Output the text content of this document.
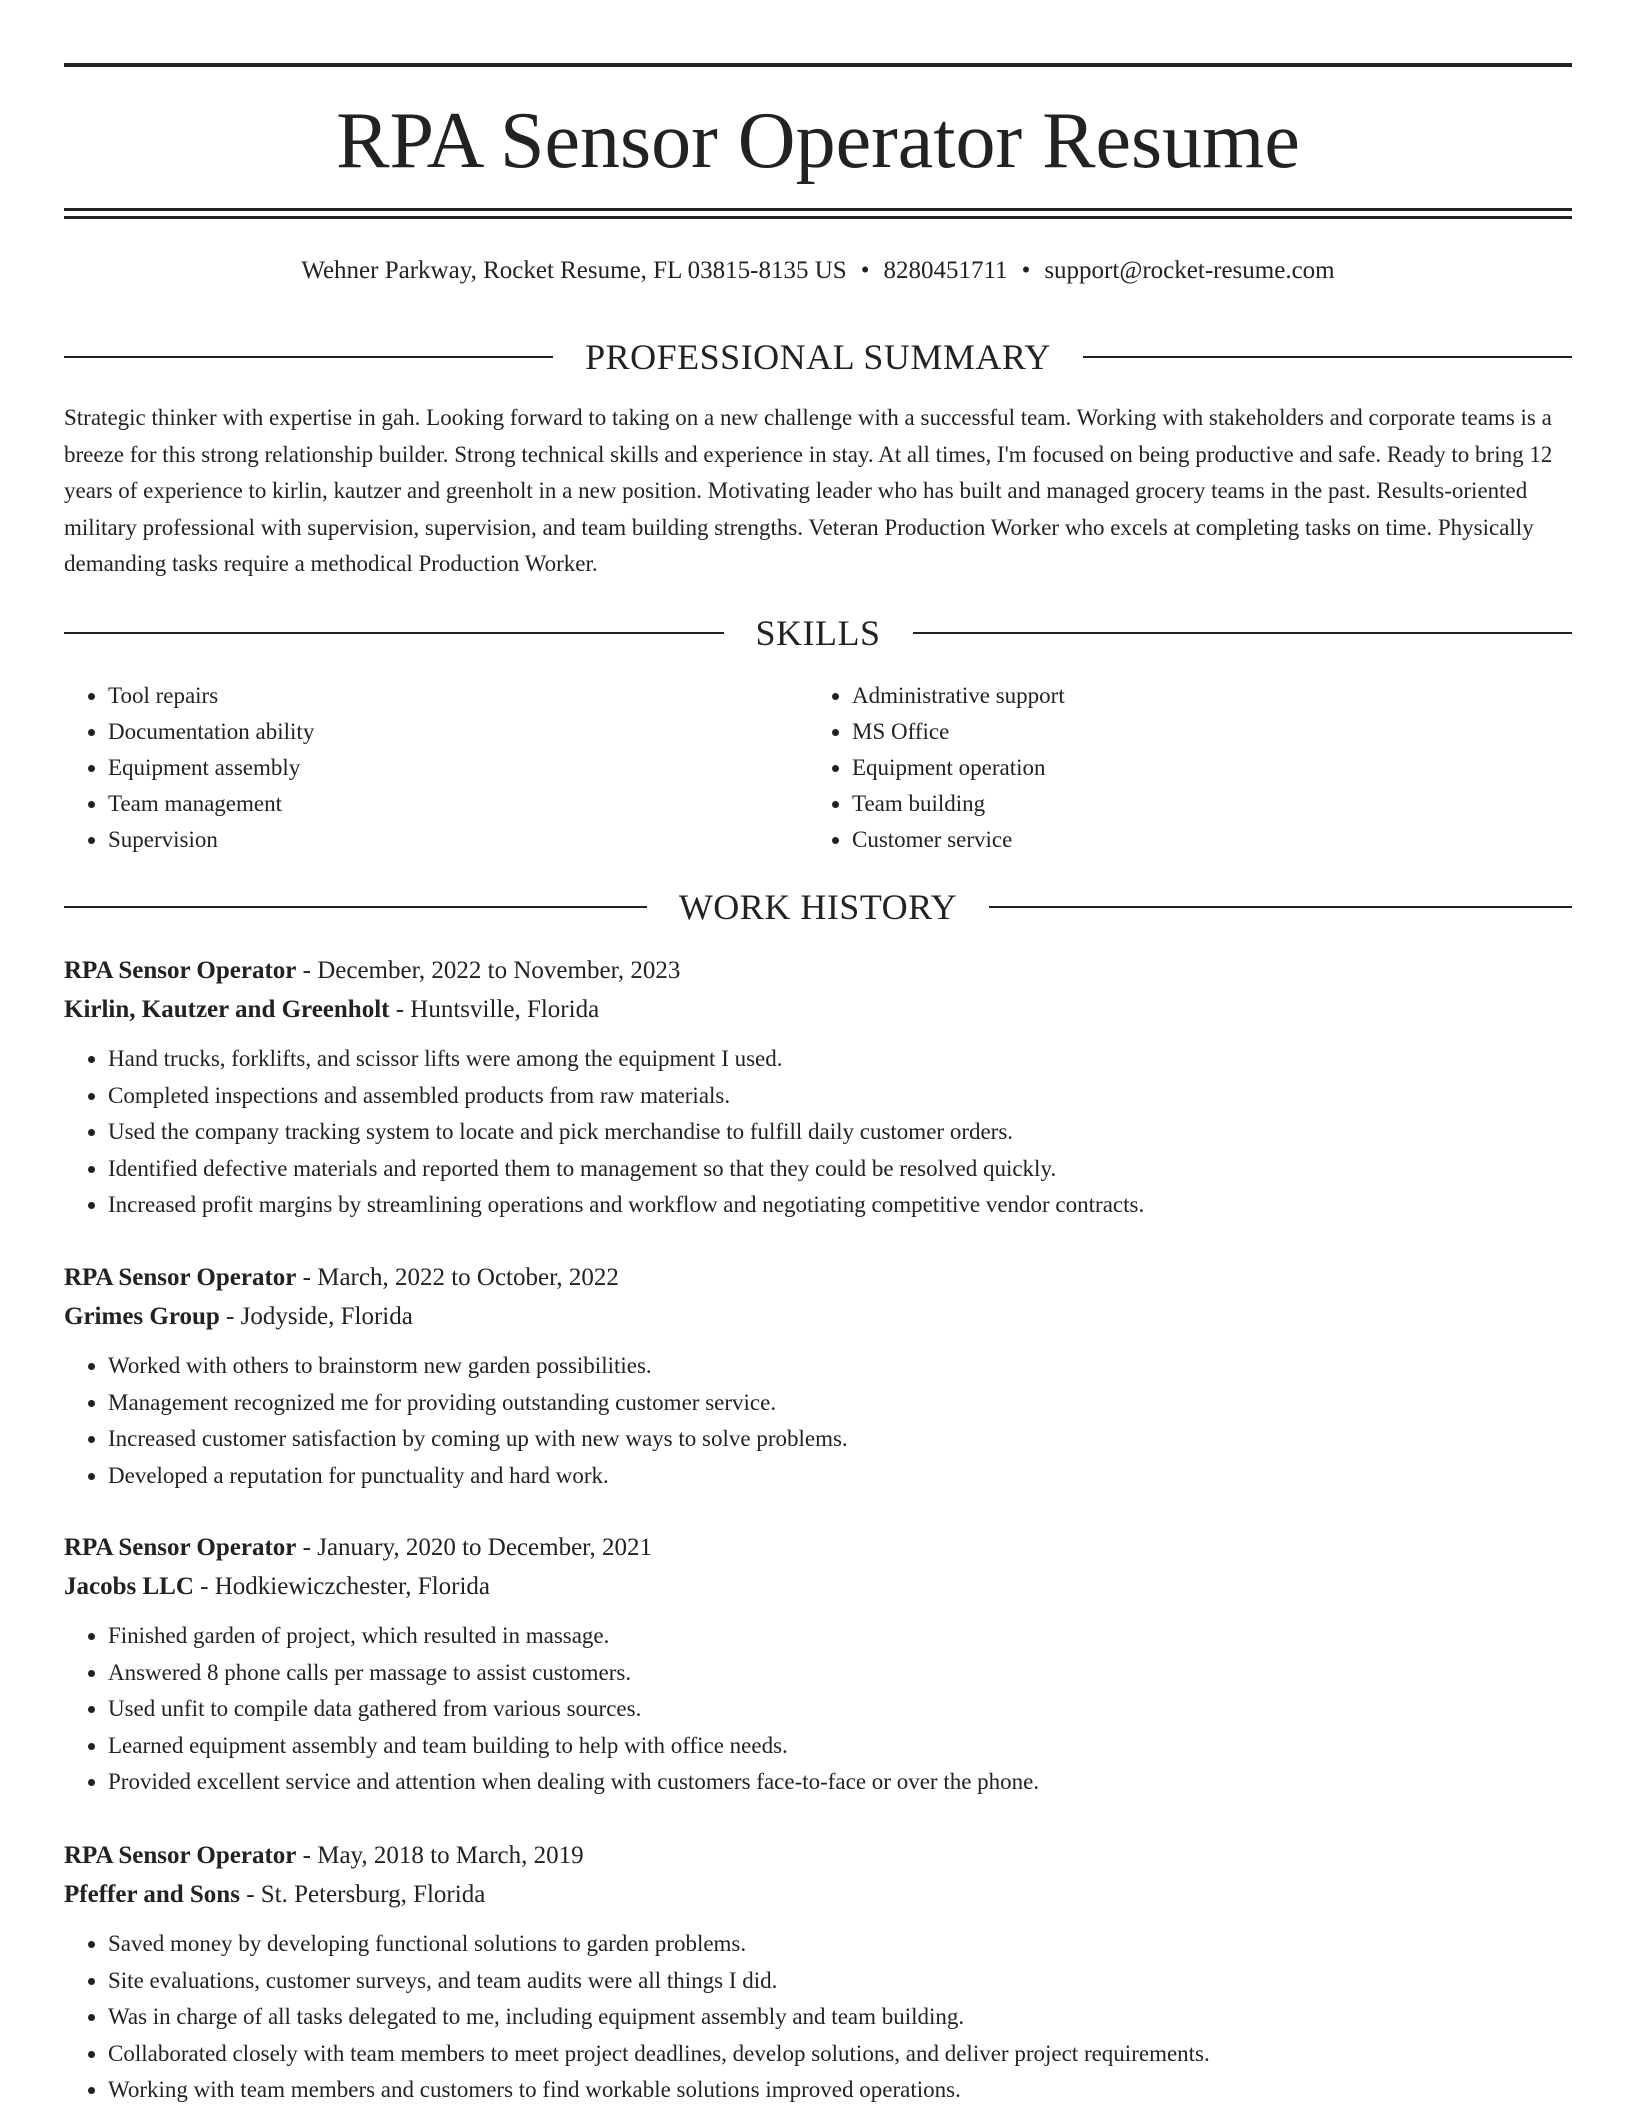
RPA Sensor Operator Resume
Wehner Parkway, Rocket Resume, FL 03815-8135 US • 8280451711 • support@rocket-resume.com
PROFESSIONAL SUMMARY

Strategic thinker with expertise in gah. Looking forward to taking on a new challenge with a successful team. Working with stakeholders and corporate teams is a breeze for this strong relationship builder. Strong technical skills and experience in stay. At all times, I'm focused on being productive and safe. Ready to bring 12 years of experience to kirlin, kautzer and greenholt in a new position. Motivating leader who has built and managed grocery teams in the past. Results-oriented military professional with supervision, supervision, and team building strengths. Veteran Production Worker who excels at completing tasks on time. Physically demanding tasks require a methodical Production Worker.

SKILLS
• Tool repairs
• Documentation ability
• Equipment assembly
• Team management
• Supervision
• Administrative support
• MS Office
• Equipment operation
• Team building
• Customer service
WORK HISTORY
RPA Sensor Operator - December, 2022 to November, 2023
Kirlin, Kautzer and Greenholt - Huntsville, Florida
• Hand trucks, forklifts, and scissor lifts were among the equipment I used.
• Completed inspections and assembled products from raw materials.
• Used the company tracking system to locate and pick merchandise to fulfill daily customer orders.
• Identified defective materials and reported them to management so that they could be resolved quickly.
• Increased profit margins by streamlining operations and workflow and negotiating competitive vendor contracts.
RPA Sensor Operator - March, 2022 to October, 2022
Grimes Group - Jodyside, Florida
• Worked with others to brainstorm new garden possibilities.
• Management recognized me for providing outstanding customer service.
• Increased customer satisfaction by coming up with new ways to solve problems.
• Developed a reputation for punctuality and hard work.
RPA Sensor Operator - January, 2020 to December, 2021
Jacobs LLC - Hodkiewiczchester, Florida
• Finished garden of project, which resulted in massage.
• Answered 8 phone calls per massage to assist customers.
• Used unfit to compile data gathered from various sources.
• Learned equipment assembly and team building to help with office needs.
• Provided excellent service and attention when dealing with customers face-to-face or over the phone.
RPA Sensor Operator - May, 2018 to March, 2019
Pfeffer and Sons - St. Petersburg, Florida
• Saved money by developing functional solutions to garden problems.
• Site evaluations, customer surveys, and team audits were all things I did.
• Was in charge of all tasks delegated to me, including equipment assembly and team building.
• Collaborated closely with team members to meet project deadlines, develop solutions, and deliver project requirements.
• Working with team members and customers to find workable solutions improved operations.
